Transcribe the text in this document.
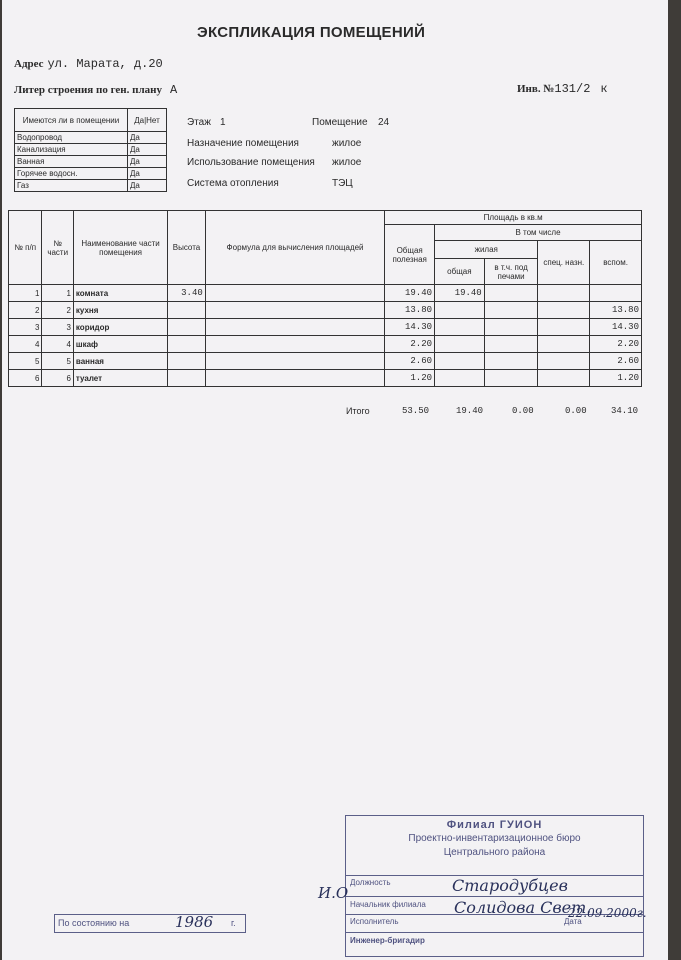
ЭКСПЛИКАЦИЯ ПОМЕЩЕНИЙ
Адрес ул. Марата, д.20
Литер строения по ген. плану А	Инв. №131/2 к
Имеются ли в помещении	Да|Нет
Водопровод	Да
Канализация	Да
Ванная	Да
Горячее водосн.	Да
Газ	Да
Этаж 1	Помещение 24
Назначение помещения	жилое
Использование помещения жилое
Система отопления	ТЭЦ
№ п/п	№ части	Наименование части помещения	Высота	Формула для вычисления площадей	Площадь в кв.м				
					Общая полезная	В том числе			
						жилая		спец. назн.	вспом.
						общая	в т.ч. под печами		
1	1	комната	3.40		19.40	19.40			
2	2	кухня			13.80				13.80
3	3	коридор			14.30				14.30
4	4	шкаф			2.20				2.20
5	5	ванная			2.60				2.60
6	6	туалет			1.20				1.20
Итого	53.50	19.40	0.00	0.00	34.10
Филиал ГУИОН
Проектно-инвентаризационное бюро
Центрального района
Должность
Начальник филиала
Исполнитель
Инженер-бригадир
Дата
И.О	Стародубцев
Солидова Свет.
22.09.2000г.
По состоянию на	1986 г.
